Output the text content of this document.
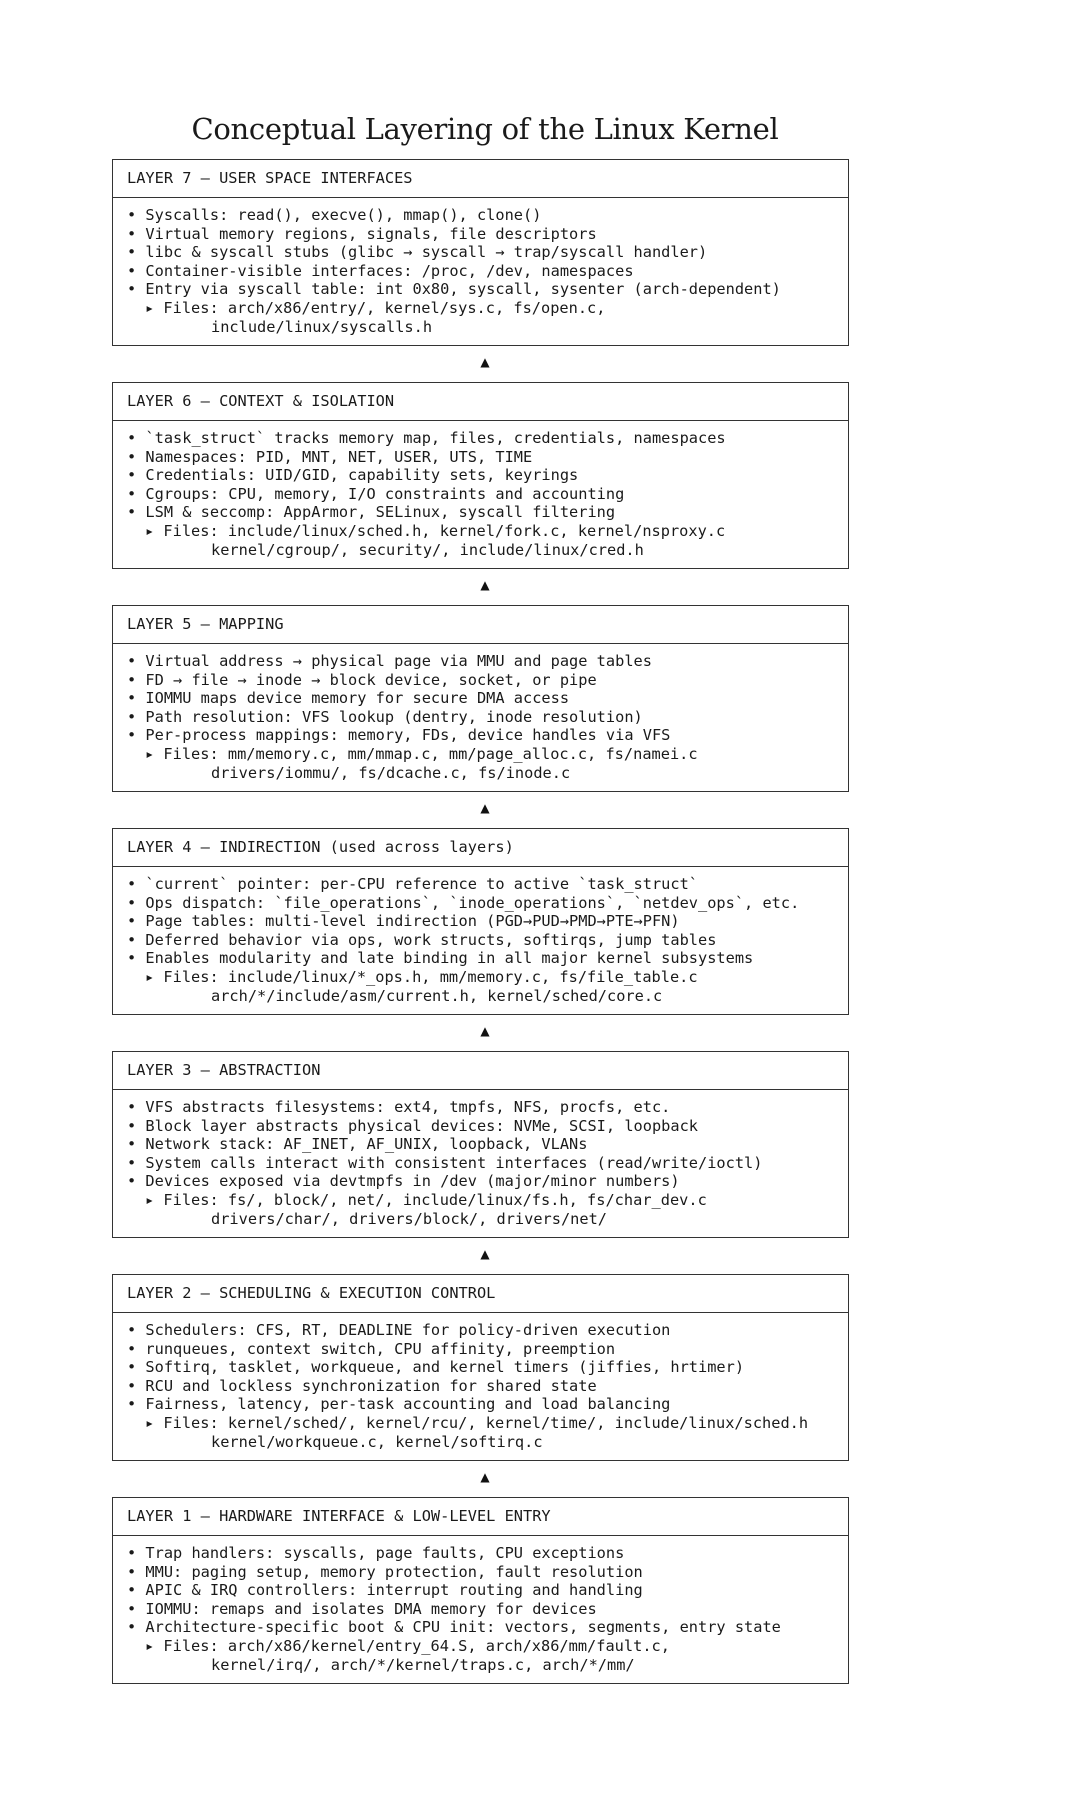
Conceptual Layering of the Linux Kernel
LAYER 7 — USER SPACE INTERFACES
• Syscalls: read(), execve(), mmap(), clone()
• Virtual memory regions, signals, file descriptors
• libc & syscall stubs (glibc → syscall → trap/syscall handler)
• Container-visible interfaces: /proc, /dev, namespaces
• Entry via syscall table: int 0x80, syscall, sysenter (arch-dependent)
▸ Files: arch/x86/entry/, kernel/sys.c, fs/open.c,
include/linux/syscalls.h
▲
LAYER 6 — CONTEXT & ISOLATION
• `task_struct` tracks memory map, files, credentials, namespaces
• Namespaces: PID, MNT, NET, USER, UTS, TIME
• Credentials: UID/GID, capability sets, keyrings
• Cgroups: CPU, memory, I/O constraints and accounting
• LSM & seccomp: AppArmor, SELinux, syscall filtering
▸ Files: include/linux/sched.h, kernel/fork.c, kernel/nsproxy.c
kernel/cgroup/, security/, include/linux/cred.h
▲
LAYER 5 — MAPPING
• Virtual address → physical page via MMU and page tables
• FD → file → inode → block device, socket, or pipe
• IOMMU maps device memory for secure DMA access
• Path resolution: VFS lookup (dentry, inode resolution)
• Per-process mappings: memory, FDs, device handles via VFS
▸ Files: mm/memory.c, mm/mmap.c, mm/page_alloc.c, fs/namei.c
drivers/iommu/, fs/dcache.c, fs/inode.c
▲
LAYER 4 — INDIRECTION (used across layers)
• `current` pointer: per-CPU reference to active `task_struct`
• Ops dispatch: `file_operations`, `inode_operations`, `netdev_ops`, etc.
• Page tables: multi-level indirection (PGD→PUD→PMD→PTE→PFN)
• Deferred behavior via ops, work structs, softirqs, jump tables
• Enables modularity and late binding in all major kernel subsystems
▸ Files: include/linux/*_ops.h, mm/memory.c, fs/file_table.c
arch/*/include/asm/current.h, kernel/sched/core.c
▲
LAYER 3 — ABSTRACTION
• VFS abstracts filesystems: ext4, tmpfs, NFS, procfs, etc.
• Block layer abstracts physical devices: NVMe, SCSI, loopback
• Network stack: AF_INET, AF_UNIX, loopback, VLANs
• System calls interact with consistent interfaces (read/write/ioctl)
• Devices exposed via devtmpfs in /dev (major/minor numbers)
▸ Files: fs/, block/, net/, include/linux/fs.h, fs/char_dev.c
drivers/char/, drivers/block/, drivers/net/
▲
LAYER 2 — SCHEDULING & EXECUTION CONTROL
• Schedulers: CFS, RT, DEADLINE for policy-driven execution
• runqueues, context switch, CPU affinity, preemption
• Softirq, tasklet, workqueue, and kernel timers (jiffies, hrtimer)
• RCU and lockless synchronization for shared state
• Fairness, latency, per-task accounting and load balancing
▸ Files: kernel/sched/, kernel/rcu/, kernel/time/, include/linux/sched.h
kernel/workqueue.c, kernel/softirq.c
▲
LAYER 1 — HARDWARE INTERFACE & LOW-LEVEL ENTRY
• Trap handlers: syscalls, page faults, CPU exceptions
• MMU: paging setup, memory protection, fault resolution
• APIC & IRQ controllers: interrupt routing and handling
• IOMMU: remaps and isolates DMA memory for devices
• Architecture-specific boot & CPU init: vectors, segments, entry state
▸ Files: arch/x86/kernel/entry_64.S, arch/x86/mm/fault.c,
kernel/irq/, arch/*/kernel/traps.c, arch/*/mm/
